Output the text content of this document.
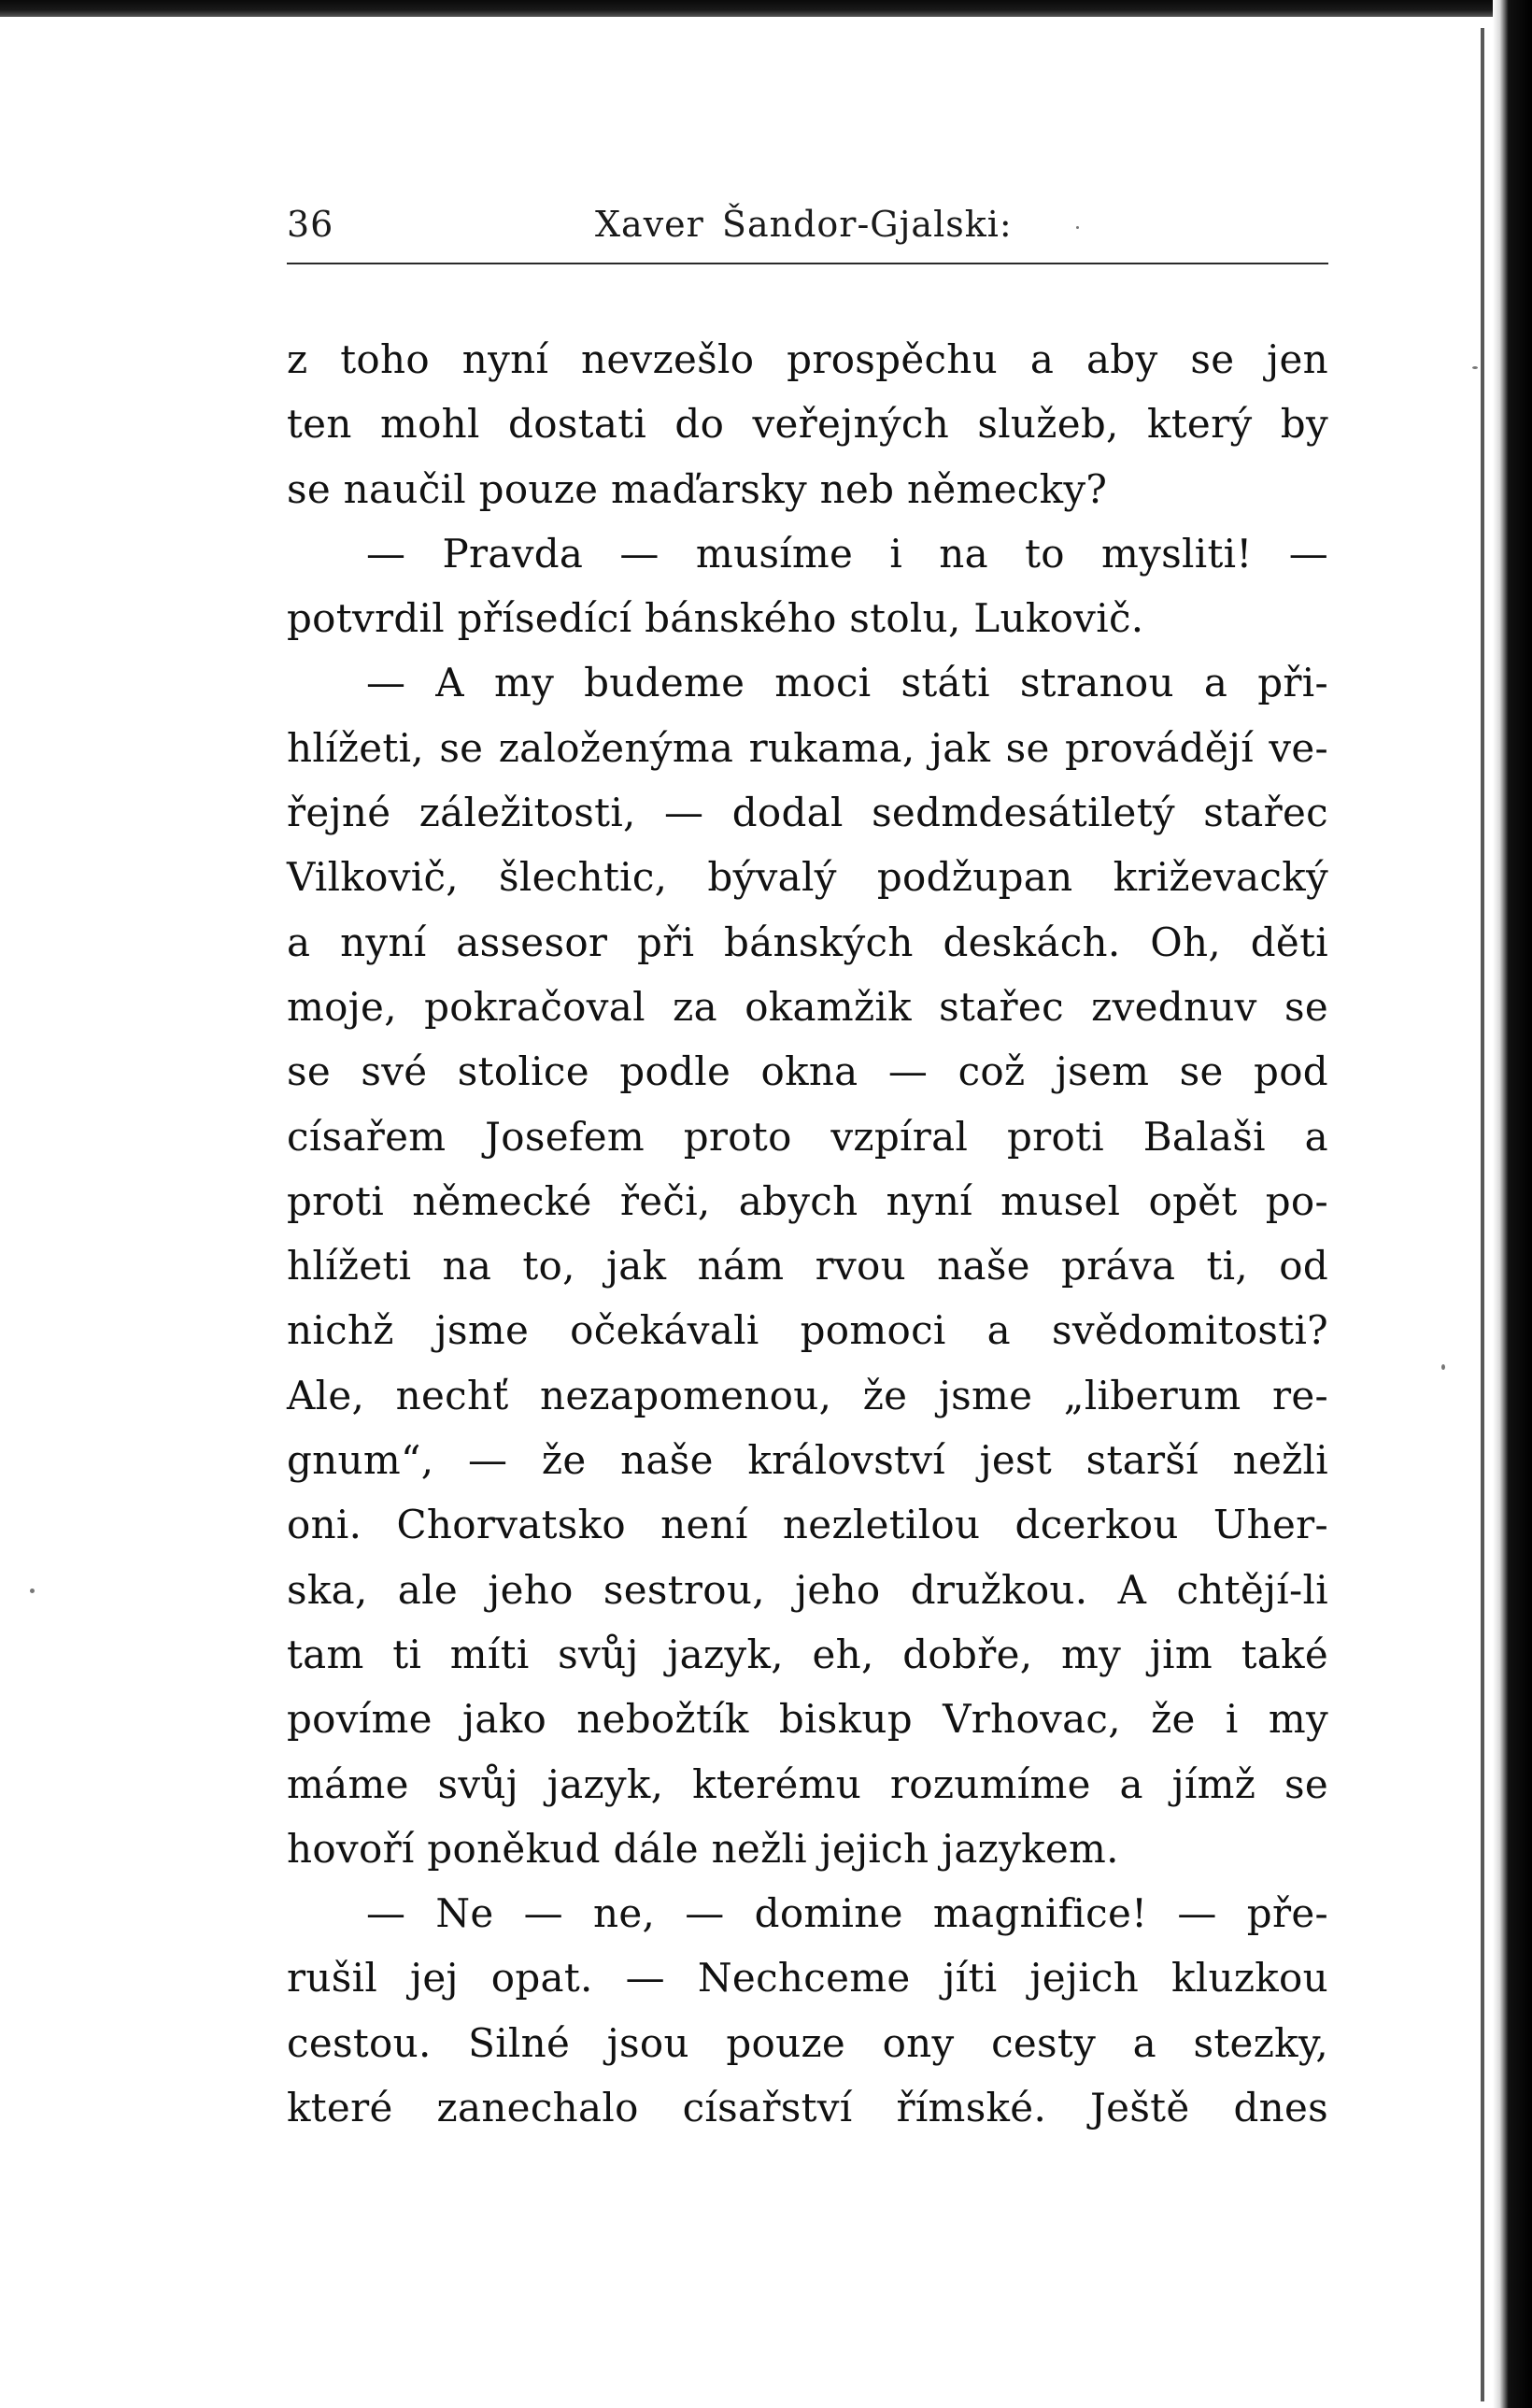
36	Xaver Šandor-Gjalski:
z toho nyní nevzešlo prospěchu a aby se jen
ten mohl dostati do veřejných služeb, který by
se naučil pouze maďarsky neb německy?
— Pravda — musíme i na to mysliti! —
potvrdil přísedící bánského stolu, Lukovič.
— A my budeme moci státi stranou a při-
hlížeti, se založenýma rukama, jak se provádějí ve-
řejné záležitosti, — dodal sedmdesátiletý stařec
Vilkovič, šlechtic, bývalý podžupan križevacký
a nyní assesor při bánských deskách. Oh, děti
moje, pokračoval za okamžik stařec zvednuv se
se své stolice podle okna — což jsem se pod
císařem Josefem proto vzpíral proti Balaši a
proti německé řeči, abych nyní musel opět po-
hlížeti na to, jak nám rvou naše práva ti, od
nichž jsme očekávali pomoci a svědomitosti?
Ale, nechť nezapomenou, že jsme „liberum re-
gnum“, — že naše království jest starší nežli
oni. Chorvatsko není nezletilou dcerkou Uher-
ska, ale jeho sestrou, jeho družkou. A chtějí-li
tam ti míti svůj jazyk, eh, dobře, my jim také
povíme jako nebožtík biskup Vrhovac, že i my
máme svůj jazyk, kterému rozumíme a jímž se
hovoří poněkud dále nežli jejich jazykem.
— Ne — ne, — domine magnifice! — pře-
rušil jej opat. — Nechceme jíti jejich kluzkou
cestou. Silné jsou pouze ony cesty a stezky,
které zanechalo císařství římské. Ještě dnes
